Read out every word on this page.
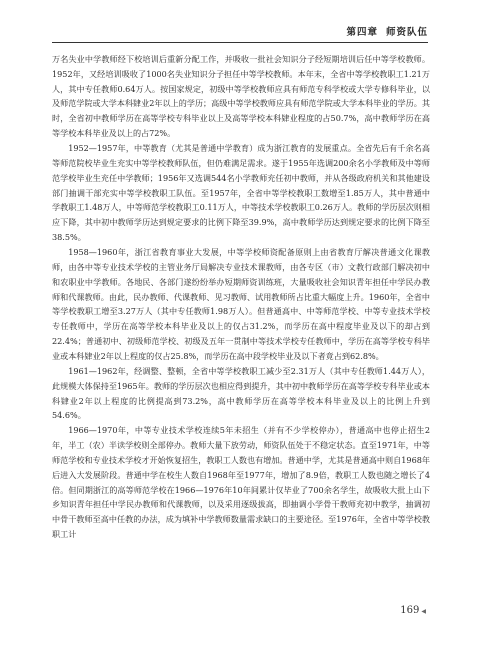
第四章 师资队伍

万名失业中学教师经下校培训后重新分配工作，并吸收一批社会知识分子经短期培训后任中等学校教师。1952年，又经培训吸收了1000名失业知识分子担任中等学校教师。本年末，全省中等学校教职工1.21万人，其中专任教师0.64万人。按国家规定，初级中等学校教师应具有师范专科学校或大学专修科毕业，以及师范学院或大学本科肄业2年以上的学历；高级中等学校教师应具有师范学院或大学本科毕业的学历。其时，全省初中教师学历在高等学校专科毕业以上及高等学校本科肄业程度的占50.7%，高中教师学历在高等学校本科毕业及以上的占72%。

1952—1957年，中等教育（尤其是普通中学教育）成为浙江教育的发展重点。全省先后有千余名高等师范院校毕业生充实中等学校教师队伍，但仍难满足需求。遂于1955年选调200余名小学教师及中等师范学校毕业生充任中学教师；1956年又选调544名小学教师充任初中教师，并从各级政府机关和其他建设部门抽调干部充实中等学校教职工队伍。至1957年，全省中等学校教职工数增至1.85万人，其中普通中学教职工1.48万人，中等师范学校教职工0.11万人，中等技术学校教职工0.26万人。教师的学历层次则相应下降，其中初中教师学历达到规定要求的比例下降至39.9%，高中教师学历达到规定要求的比例下降至38.5%。

1958—1960年，浙江省教育事业大发展，中等学校师资配备原则上由省教育厅解决普通文化课教师，由各中等专业技术学校的主管业务厅局解决专业技术课教师，由各专区（市）文教行政部门解决初中和农职业中学教师。各地民、各部门遂纷纷举办短期师资训练班，大量吸收社会知识青年担任中学民办教师和代课教师。由此，民办教师、代课教师、见习教师、试用教师所占比重大幅度上升。1960年，全省中等学校教职工增至3.27万人（其中专任教师1.98万人）。但普通高中、中等师范学校、中等专业技术学校专任教师中，学历在高等学校本科毕业及以上的仅占31.2%，而学历在高中程度毕业及以下的却占到22.4%；普通初中、初级师范学校、初级及五年一贯制中等技术学校专任教师中，学历在高等学校专科毕业或本科肄业2年以上程度的仅占25.8%，而学历在高中段学校毕业及以下者竟占到62.8%。

1961—1962年，经调整、整顿，全省中等学校教职工减少至2.31万人（其中专任教师1.44万人），此规模大体保持至1965年。教师的学历层次也相应得到提升，其中初中教师学历在高等学校专科毕业或本科肄业2年以上程度的比例提高到73.2%，高中教师学历在高等学校本科毕业及以上的比例上升到54.6%。

1966—1970年，中等专业技术学校连续5年未招生（并有不少学校停办），普通高中也停止招生2年，半工（农）半读学校则全部停办。教师大量下放劳动，师资队伍处于不稳定状态。直至1971年，中等师范学校和专业技术学校才开始恢复招生，教职工人数也有增加。普通中学，尤其是普通高中则自1968年后进入大发展阶段。普通中学在校生人数自1968年至1977年，增加了8.9倍，教职工人数也随之增长了4倍。但同期浙江的高等师范学校在1966—1976年10年间累计仅毕业了700余名学生，故吸收大批上山下乡知识青年担任中学民办教师和代课教师，以及采用逐级拔高，即抽调小学骨干教师充初中教学，抽调初中骨干教师至高中任教的办法，成为填补中学教师数量需求缺口的主要途径。至1976年，全省中等学校教职工计

169 ◀
